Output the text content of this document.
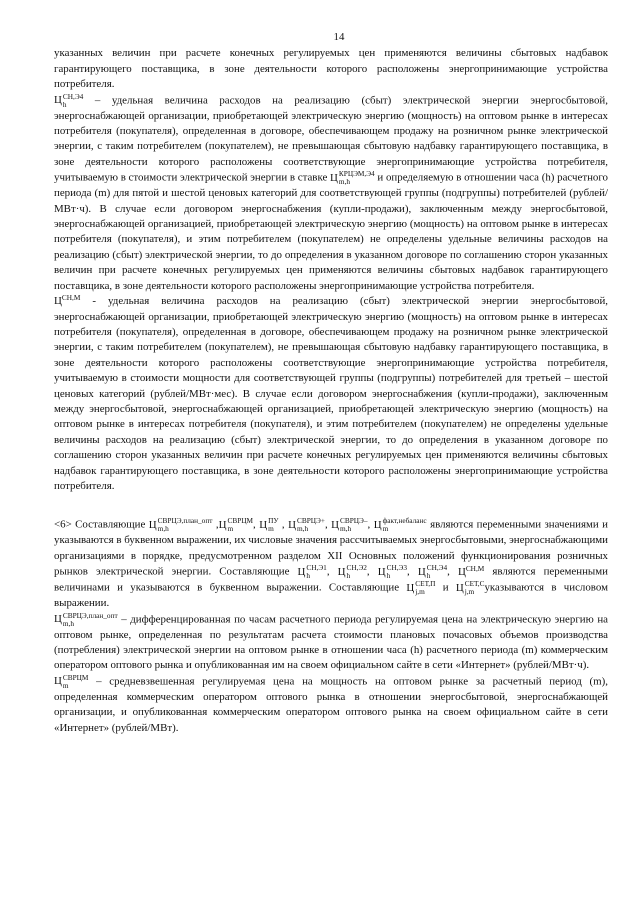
14

указанных величин при расчете конечных регулируемых цен применяются величины сбытовых надбавок гарантирующего поставщика, в зоне деятельности которого расположены энергопринимающие устройства потребителя.

Ц СН,Э4
h	– удельная величина расходов на реализацию (сбыт) электрической энергии энергосбытовой, энергоснабжающей организации, приобретающей электрическую энергию (мощность) на оптовом рынке в интересах потребителя (покупателя), определенная в договоре, обеспечивающем продажу на розничном рынке электрической энергии, с таким потребителем (покупателем), не превышающая сбытовую надбавку гарантирующего поставщика, в зоне деятельности которого расположены соответствующие энергопринимающие устройства потребителя, учитываемую в стоимости электрической энергии в ставке Ц КРЦЭМ,Э4
m,h	и определяемую в отношении часа (h) расчетного периода (m) для пятой и шестой ценовых категорий для соответствующей группы (подгруппы) потребителей (рублей/МВт·ч). В случае если договором энергоснабжения (купли-продажи), заключенным между энергосбытовой, энергоснабжающей организацией, приобретающей электрическую энергию (мощность) на оптовом рынке в интересах потребителя (покупателя), и этим потребителем (покупателем) не определены удельные величины расходов на реализацию (сбыт) электрической энергии, то до определения в указанном договоре по соглашению сторон указанных величин при расчете конечных регулируемых цен применяются величины сбытовых надбавок гарантирующего поставщика, в зоне деятельности которого расположены энергопринимающие устройства потребителя.

$Ц^{СН,М}$ - удельная величина расходов на реализацию (сбыт) электрической энергии энергосбытовой, энергоснабжающей организации, приобретающей электрическую энергию (мощность) на оптовом рынке в интересах потребителя (покупателя), определенная в договоре, обеспечивающем продажу на розничном рынке электрической энергии, с таким потребителем (покупателем), не превышающая сбытовую надбавку гарантирующего поставщика, в зоне деятельности которого расположены соответствующие энергопринимающие устройства потребителя, учитываемую в стоимости мощности для соответствующей группы (подгруппы) потребителей для третьей – шестой ценовых категорий (рублей/МВт·мес). В случае если договором энергоснабжения (купли-продажи), заключенным между энергосбытовой, энергоснабжающей организацией, приобретающей электрическую энергию (мощность) на оптовом рынке в интересах потребителя (покупателя), и этим потребителем (покупателем) не определены удельные величины расходов на реализацию (сбыт) электрической энергии, то до определения в указанном договоре по соглашению сторон указанных величин при расчете конечных регулируемых цен применяются величины сбытовых надбавок гарантирующего поставщика, в зоне деятельности которого расположены энергопринимающие устройства потребителя.

<6> Составляющие Ц СВРЦЭ,план_опт
m,h	,Ц СВРЦМ
m	, Ц ПУ
m , Ц СВРЦЭ+
m,h	, Ц СВРЦЭ–
m,h	, Ц факт,небаланс
m	являются переменными значениями и указываются в буквенном выражении, их числовые значения рассчитываемых энергосбытовыми, энергоснабжающими организациями в порядке, предусмотренном разделом XII Основных положений функционирования розничных рынков электрической энергии. Составляющие Ц СН,Э1
h	, Ц СН,Э2
h	, Ц СН,Э3
h	, Ц СН,Э4
h	, $Ц^{СН,М}$ являются переменными величинами и указываются в буквенном выражении. Составляющие Ц СЕТ,П
j,m и Ц СЕТ,С
j,m указываются в числовом выражении.

Ц СВРЦЭ,план_опт
m,h	– дифференцированная по часам расчетного периода регулируемая цена на электрическую энергию на оптовом рынке, определенная по результатам расчета стоимости плановых почасовых объемов производства (потребления) электрической энергии на оптовом рынке в отношении часа (h) расчетного периода (m) коммерческим оператором оптового рынка и опубликованная им на своем официальном сайте в сети «Интернет» (рублей/МВт·ч).

Ц СВРЦМ
m	– средневзвешенная регулируемая цена на мощность на оптовом рынке за расчетный период (m), определенная коммерческим оператором оптового рынка в отношении энергосбытовой, энергоснабжающей организации, и опубликованная коммерческим оператором оптового рынка на своем официальном сайте в сети «Интернет» (рублей/МВт).
